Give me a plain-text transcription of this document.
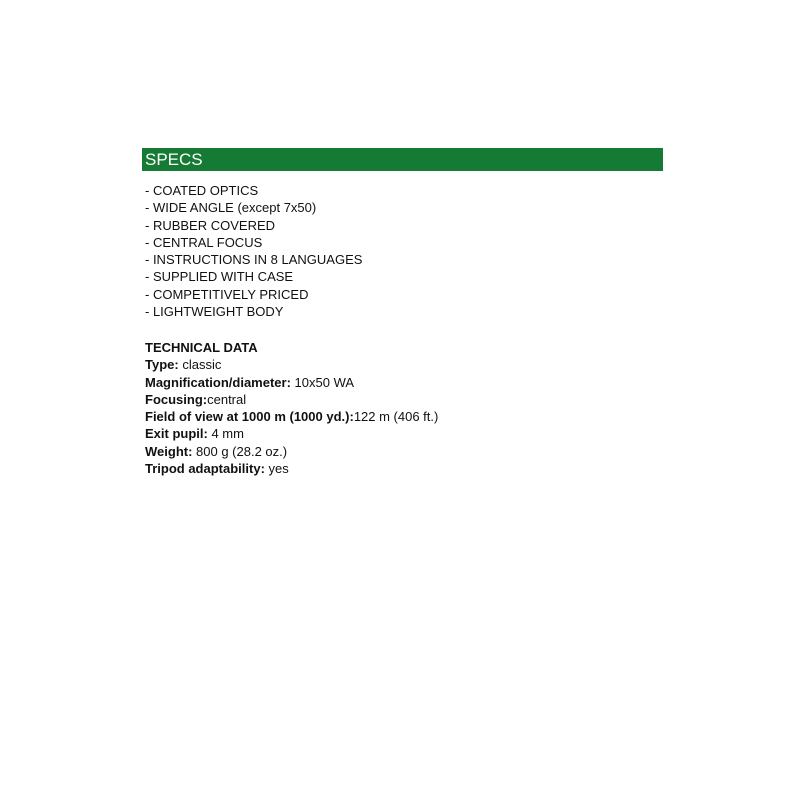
SPECS
- COATED OPTICS
- WIDE ANGLE (except 7x50)
- RUBBER COVERED
- CENTRAL FOCUS
- INSTRUCTIONS IN 8 LANGUAGES
- SUPPLIED WITH CASE
- COMPETITIVELY PRICED
- LIGHTWEIGHT BODY
TECHNICAL DATA
Type: classic
Magnification/diameter: 10x50 WA
Focusing:central
Field of view at 1000 m (1000 yd.):122 m (406 ft.)
Exit pupil: 4 mm
Weight: 800 g (28.2 oz.)
Tripod adaptability: yes
